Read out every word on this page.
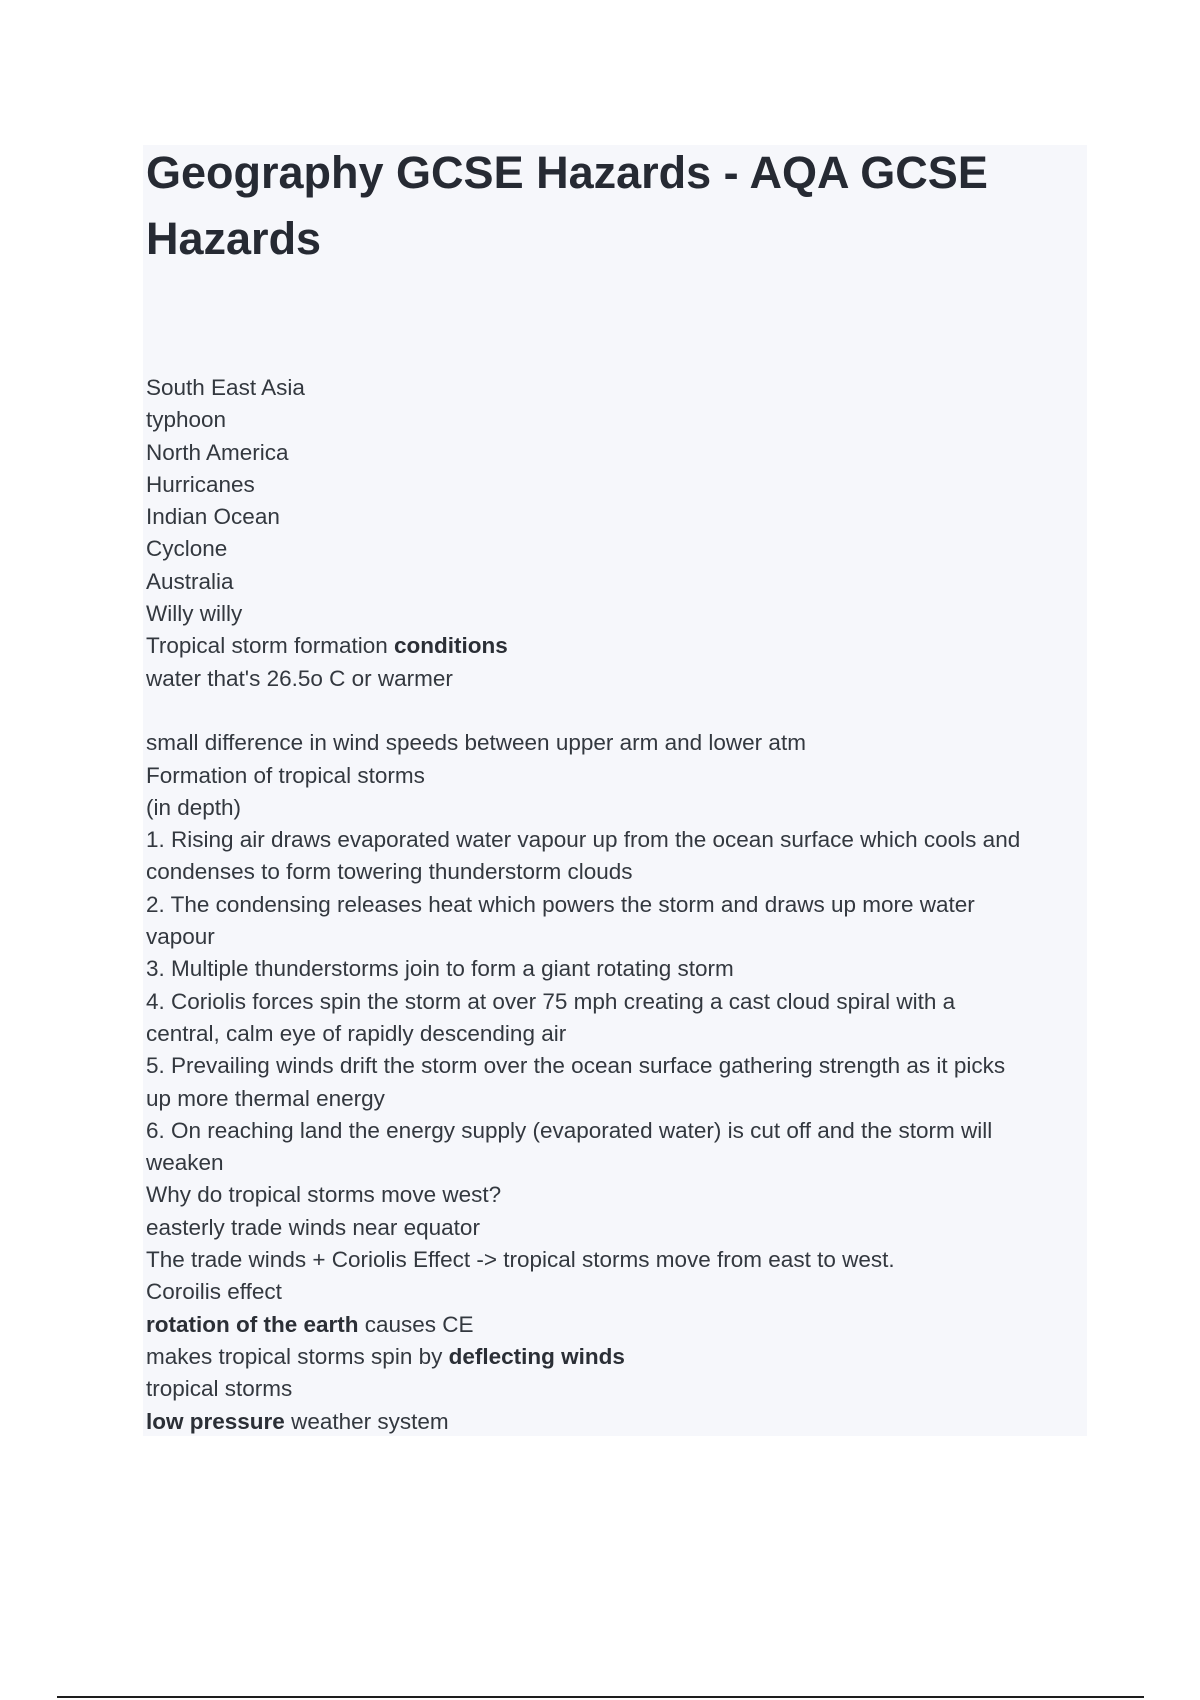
Geography GCSE Hazards - AQA GCSE Hazards
South East Asia
typhoon
North America
Hurricanes
Indian Ocean
Cyclone
Australia
Willy willy
Tropical storm formation conditions
water that's 26.5o C or warmer
small difference in wind speeds between upper arm and lower atm
Formation of tropical storms
(in depth)
1. Rising air draws evaporated water vapour up from the ocean surface which cools and
condenses to form towering thunderstorm clouds
2. The condensing releases heat which powers the storm and draws up more water
vapour
3. Multiple thunderstorms join to form a giant rotating storm
4. Coriolis forces spin the storm at over 75 mph creating a cast cloud spiral with a
central, calm eye of rapidly descending air
5. Prevailing winds drift the storm over the ocean surface gathering strength as it picks
up more thermal energy
6. On reaching land the energy supply (evaporated water) is cut off and the storm will
weaken
Why do tropical storms move west?
easterly trade winds near equator
The trade winds + Coriolis Effect -> tropical storms move from east to west.
Coroilis effect
rotation of the earth causes CE
makes tropical storms spin by deflecting winds
tropical storms
low pressure weather system
